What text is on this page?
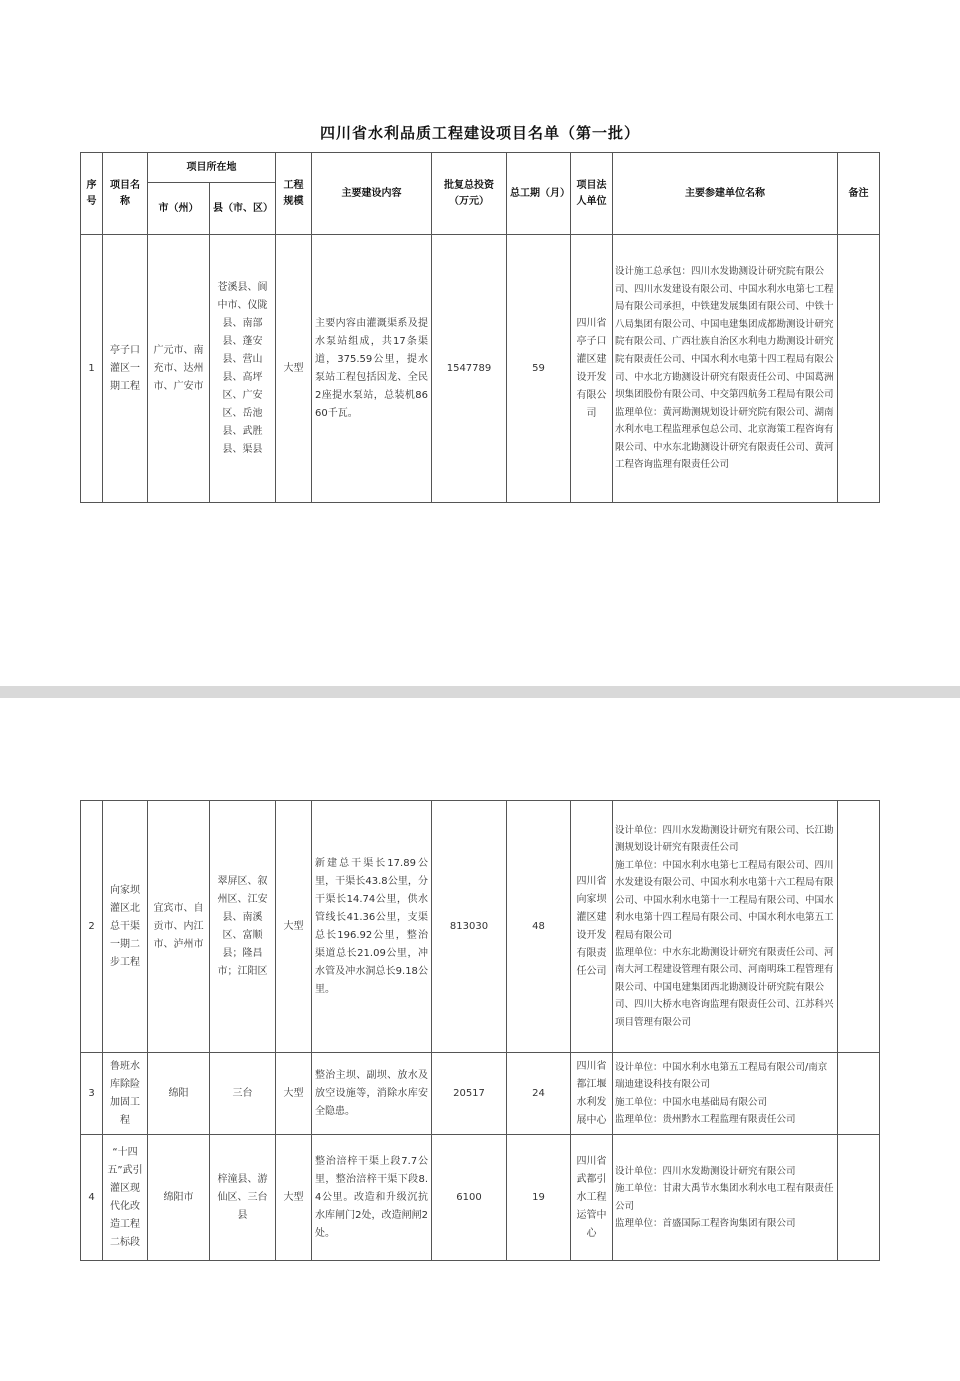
四川省水利品质工程建设项目名单（第一批）
序号	项目名称	项目所在地		工程规模	主要建设内容	批复总投资（万元）	总工期（月）	项目法人单位	主要参建单位名称	备注
		市（州）	县（市、区）							
1	亭子口灌区一期工程	广元市、南充市、达州市、广安市	苍溪县、阆中市、仪陇县、南部县、蓬安县、营山县、高坪区、广安区、岳池县、武胜县、渠县	大型	主要内容由灌溉渠系及提水泵站组成，共17条渠道，375.59公里，提水泵站工程包括因龙、全民2座提水泵站，总装机8660千瓦。	1547789	59	四川省亭子口灌区建设开发有限公司	设计施工总承包：四川水发勘测设计研究院有限公司、四川水发建设有限公司、中国水利水电第七工程局有限公司承担，中铁建发展集团有限公司、中铁十八局集团有限公司、中国电建集团成都勘测设计研究院有限公司、广西壮族自治区水利电力勘测设计研究院有限责任公司、中国水利水电第十四工程局有限公司、中水北方勘测设计研究有限责任公司、中国葛洲坝集团股份有限公司、中交第四航务工程局有限公司
监理单位：黄河勘测规划设计研究院有限公司、湖南水利水电工程监理承包总公司、北京海策工程咨询有限公司、中水东北勘测设计研究有限责任公司、黄河工程咨询监理有限责任公司	
2	向家坝灌区北总干渠一期二步工程	宜宾市、自贡市、内江市、泸州市	翠屏区、叙州区、江安县、南溪区、富顺县；隆昌市；江阳区	大型	新建总干渠长17.89公里，干渠长43.8公里，分干渠长14.74公里，供水管线长41.36公里，支渠总长196.92公里，整治渠道总长21.09公里，冲水管及冲水洞总长9.18公里。	813030	48	四川省向家坝灌区建设开发有限责任公司	设计单位：四川水发勘测设计研究有限公司、长江勘测规划设计研究有限责任公司
施工单位：中国水利水电第七工程局有限公司、四川水发建设有限公司、中国水利水电第十六工程局有限公司、中国水利水电第十一工程局有限公司、中国水利水电第十四工程局有限公司、中国水利水电第五工程局有限公司
监理单位：中水东北勘测设计研究有限责任公司、河南大河工程建设管理有限公司、河南明珠工程管理有限公司、中国电建集团西北勘测设计研究院有限公司、四川大桥水电咨询监理有限责任公司、江苏科兴项目管理有限公司	
3	鲁班水库除险加固工程	绵阳	三台	大型	整治主坝、副坝、放水及放空设施等，消除水库安全隐患。	20517	24	四川省都江堰水利发展中心	设计单位：中国水利水电第五工程局有限公司/南京瑞迪建设科技有限公司
施工单位：中国水电基础局有限公司
监理单位：贵州黔水工程监理有限责任公司	
4	“十四五”武引灌区现代化改造工程二标段	绵阳市	梓潼县、游仙区、三台县	大型	整治涪梓干渠上段7.7公里，整治涪梓干渠下段8.4公里。改造和升级沉抗水库闸门2处，改造闸闸2处。	6100	19	四川省武都引水工程运管中心	设计单位：四川水发勘测设计研究有限公司
施工单位：甘肃大禹节水集团水利水电工程有限责任公司
监理单位：首盛国际工程咨询集团有限公司	
